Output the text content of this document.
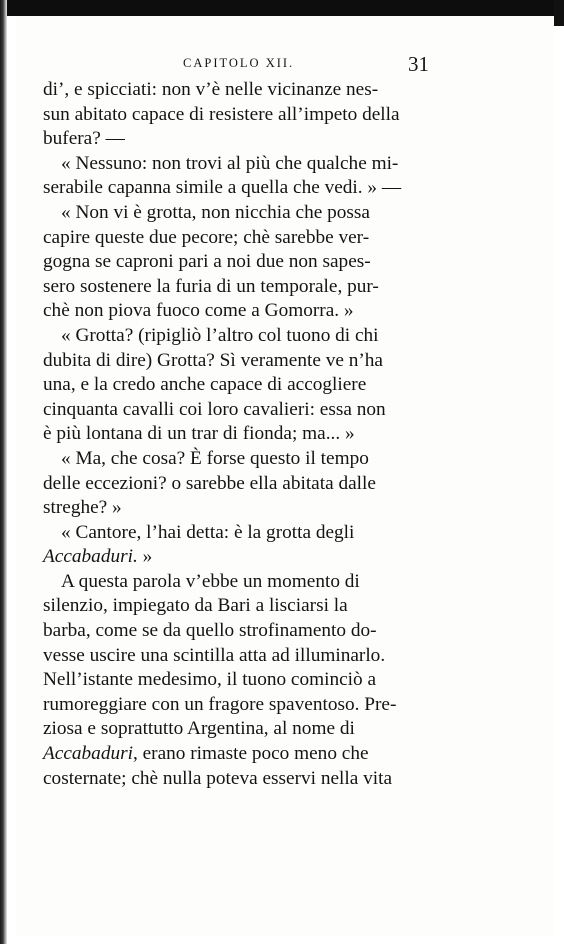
CAPITOLO XII.	31
di’, e spicciati: non v’è nelle vicinanze nes-
sun abitato capace di resistere all’impeto della
bufera? —
« Nessuno: non trovi al più che qualche mi-
serabile capanna simile a quella che vedi. » —
« Non vi è grotta, non nicchia che possa
capire queste due pecore; chè sarebbe ver-
gogna se caproni pari a noi due non sapes-
sero sostenere la furia di un temporale, pur-
chè non piova fuoco come a Gomorra. »
« Grotta? (ripigliò l’altro col tuono di chi
dubita di dire) Grotta? Sì veramente ve n’ha
una, e la credo anche capace di accogliere
cinquanta cavalli coi loro cavalieri: essa non
è più lontana di un trar di fionda; ma... »
« Ma, che cosa? È forse questo il tempo
delle eccezioni? o sarebbe ella abitata dalle
streghe? »
« Cantore, l’hai detta: è la grotta degli
Accabaduri. »
A questa parola v’ebbe un momento di
silenzio, impiegato da Bari a lisciarsi la
barba, come se da quello strofinamento do-
vesse uscire una scintilla atta ad illuminarlo.
Nell’istante medesimo, il tuono cominciò a
rumoreggiare con un fragore spaventoso. Pre-
ziosa e soprattutto Argentina, al nome di
Accabaduri, erano rimaste poco meno che
costernate; chè nulla poteva esservi nella vita
